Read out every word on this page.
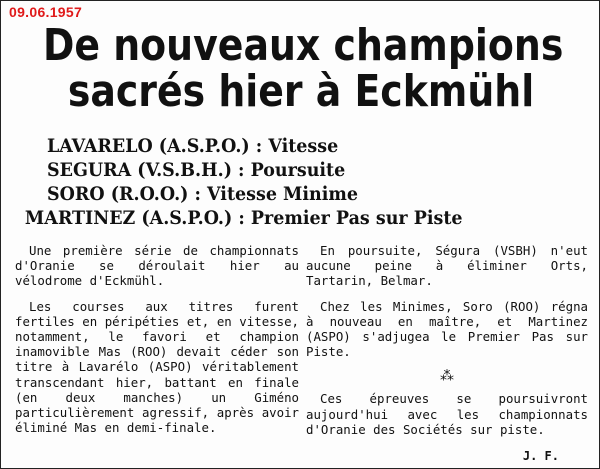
09.06.1957
De nouveaux champions
sacrés hier à Eckmühl
LAVARELO (A.S.P.O.) : Vitesse
SEGURA (V.S.B.H.) : Poursuite
SORO (R.O.O.) : Vitesse Minime
MARTINEZ (A.S.P.O.) : Premier Pas sur Piste

Une première série de championnats d'Oranie se déroulait hier au vélodrome d'Eckmühl.

Les courses aux titres furent fertiles en péripéties et, en vitesse, notamment, le favori et champion inamovible Mas (ROO) devait céder son titre à Lavarélo (ASPO) véritablement transcendant hier, battant en finale (en deux manches) un Giméno particulièrement agressif, après avoir éliminé Mas en demi-finale.

En poursuite, Ségura (VSBH) n'eut aucune peine à éliminer Orts, Tartarin, Belmar.

Chez les Minimes, Soro (ROO) régna à nouveau en maître, et Martinez (ASPO) s'adjugea le Premier Pas sur Piste.

⁂

Ces épreuves se poursuivront aujourd'hui avec les championnats d'Oranie des Sociétés sur piste.

J. F.
